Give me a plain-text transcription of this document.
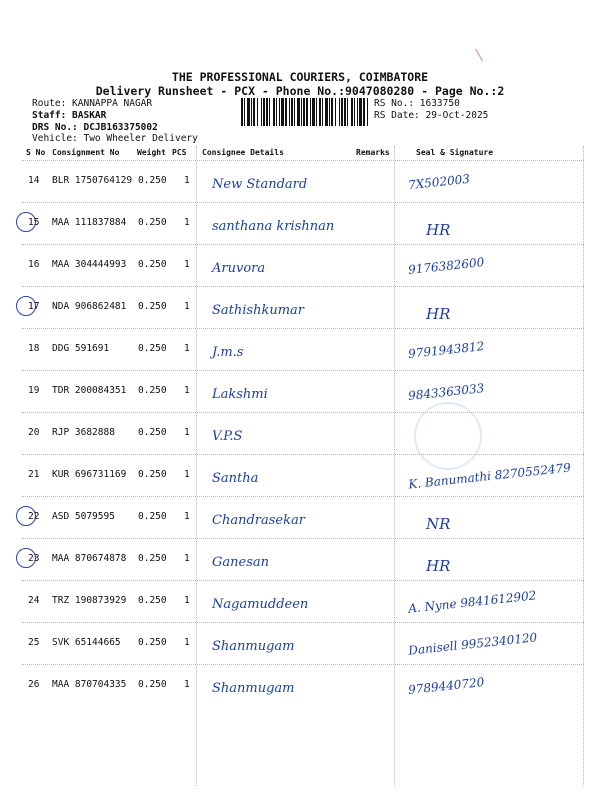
THE PROFESSIONAL COURIERS, COIMBATORE
Delivery Runsheet - PCX - Phone No.:9047080280 - Page No.:2
Route: KANNAPPA NAGAR
Staff: BASKAR
DRS No.: DCJB163375002
Vehicle: Two Wheeler Delivery
RS No.: 1633750
RS Date: 29-Oct-2025
S No Consignment No Weight PCS Consignee Details	Remarks	Seal & Signature
14 BLR 1750764129 0.250 1 New Standard	7X502003
15 MAA 111837884 0.250 1 santhana krishnan	HR
16 MAA 304444993 0.250 1 Aruvora	9176382600
17 NDA 906862481 0.250 1 Sathishkumar	HR
18 DDG 591691	0.250 1 J.m.s	9791943812
19 TDR 200084351 0.250 1 Lakshmi	9843363033
20 RJP 3682888 0.250 1 V.P.S
21 KUR 696731169 0.250 1 Santha	K. Banumathi 8270552479
22 ASD 5079595 0.250 1 Chandrasekar	NR
23 MAA 870674878 0.250 1 Ganesan	HR
24 TRZ 190873929 0.250 1 Nagamuddeen	A. Nyne 9841612902
25 SVK 65144665 0.250 1 Shanmugam	Danisell 9952340120
26 MAA 870704335 0.250 1 Shanmugam	9789440720
